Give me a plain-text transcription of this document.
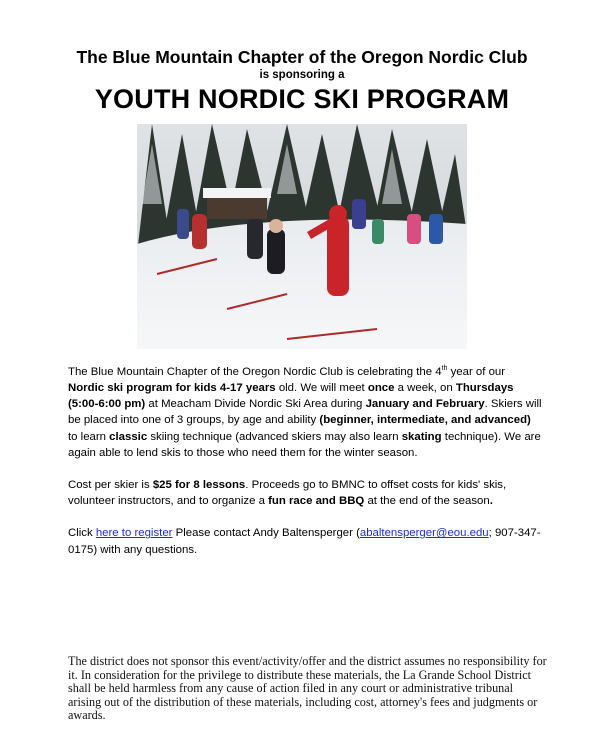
The Blue Mountain Chapter of the Oregon Nordic Club
is sponsoring a
YOUTH NORDIC SKI PROGRAM

The Blue Mountain Chapter of the Oregon Nordic Club is celebrating the 4th year of our Nordic ski program for kids 4-17 years old. We will meet once a week, on Thursdays (5:00-6:00 pm) at Meacham Divide Nordic Ski Area during January and February. Skiers will be placed into one of 3 groups, by age and ability (beginner, intermediate, and advanced) to learn classic skiing technique (advanced skiers may also learn skating technique). We are again able to lend skis to those who need them for the winter season.

Cost per skier is $25 for 8 lessons. Proceeds go to BMNC to offset costs for kids' skis, volunteer instructors, and to organize a fun race and BBQ at the end of the season.

Click here to register Please contact Andy Baltensperger (abaltensperger@eou.edu; 907-347-0175) with any questions.

The district does not sponsor this event/activity/offer and the district assumes no responsibility for it. In consideration for the privilege to distribute these materials, the La Grande School District shall be held harmless from any cause of action filed in any court or administrative tribunal arising out of the distribution of these materials, including cost, attorney's fees and judgments or awards.
